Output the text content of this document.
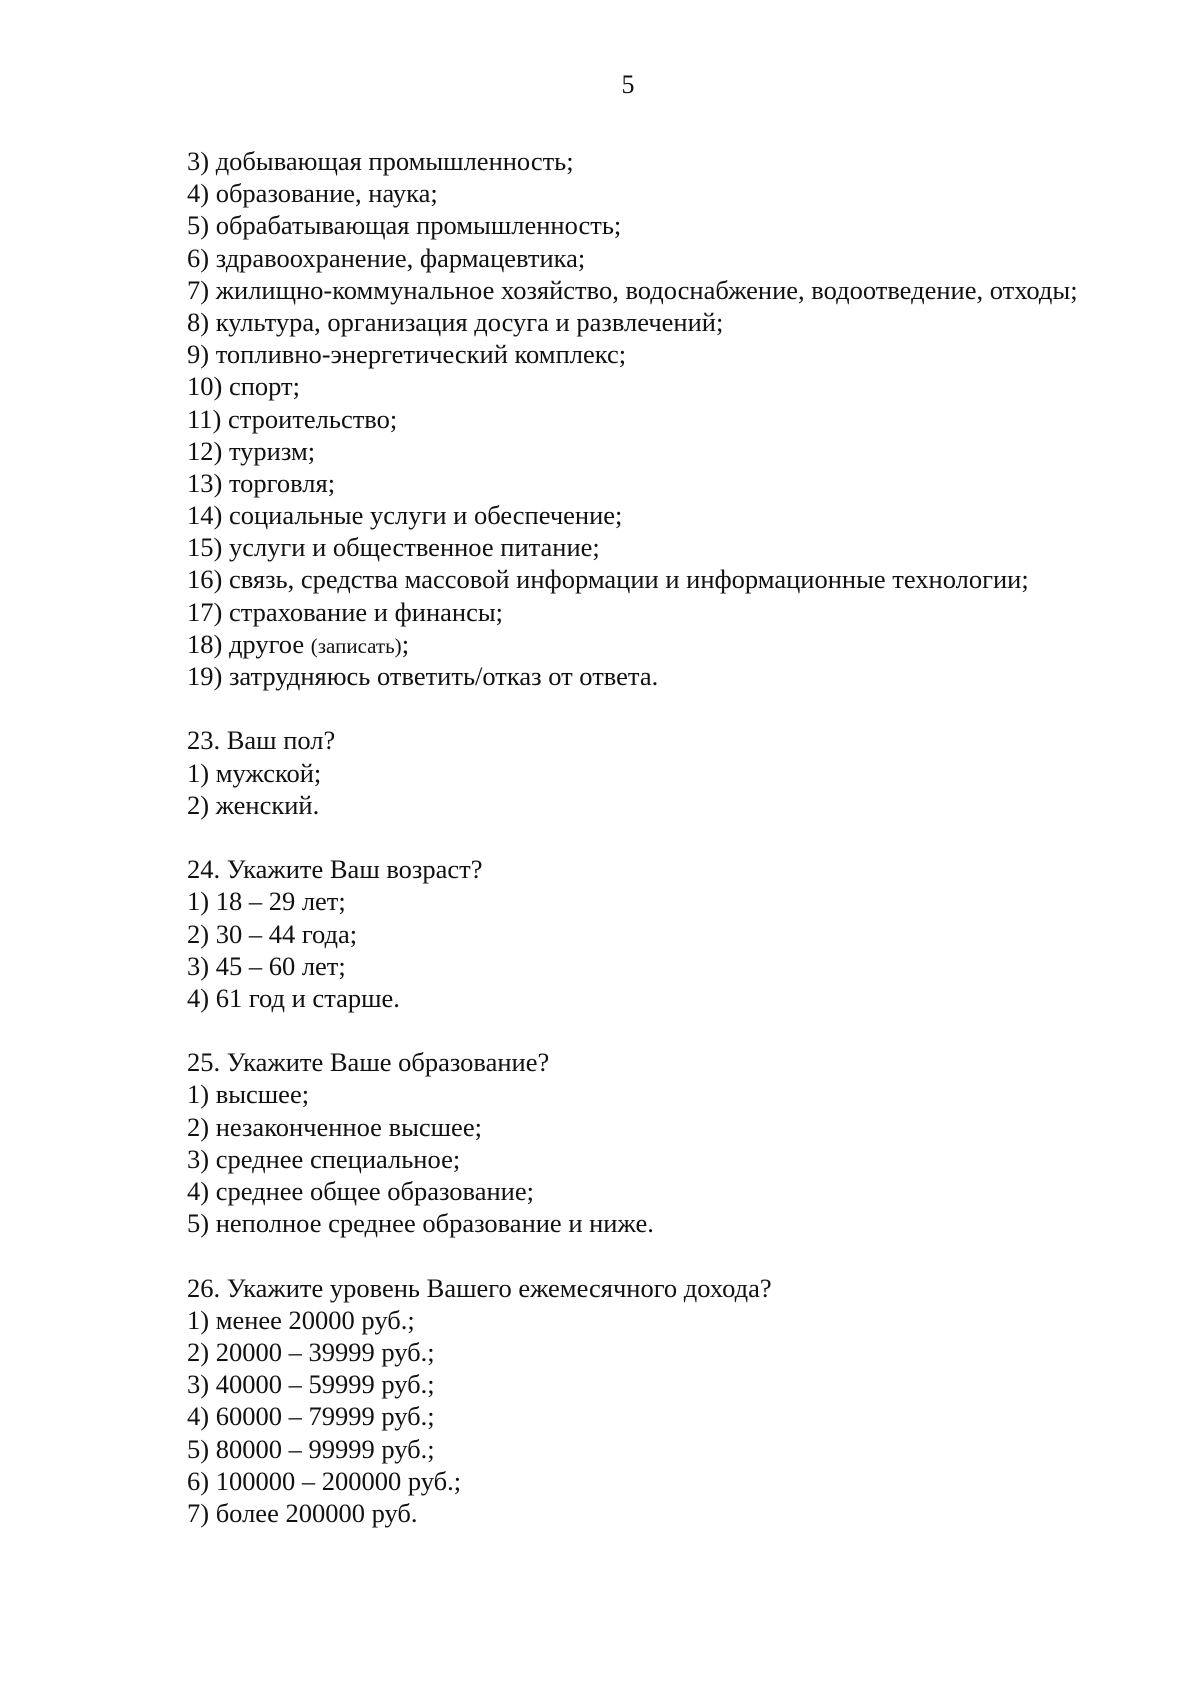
5
3) добывающая промышленность;
4) образование, наука;
5) обрабатывающая промышленность;
6) здравоохранение, фармацевтика;
7) жилищно-коммунальное хозяйство, водоснабжение, водоотведение, отходы;
8) культура, организация досуга и развлечений;
9) топливно-энергетический комплекс;
10) спорт;
11) строительство;
12) туризм;
13) торговля;
14) социальные услуги и обеспечение;
15) услуги и общественное питание;
16) связь, средства массовой информации и информационные технологии;
17) страхование и финансы;
18) другое (записать);
19) затрудняюсь ответить/отказ от ответа.
23. Ваш пол?
1) мужской;
2) женский.
24. Укажите Ваш возраст?
1) 18 – 29 лет;
2) 30 – 44 года;
3) 45 – 60 лет;
4) 61 год и старше.
25. Укажите Ваше образование?
1) высшее;
2) незаконченное высшее;
3) среднее специальное;
4) среднее общее образование;
5) неполное среднее образование и ниже.
26. Укажите уровень Вашего ежемесячного дохода?
1) менее 20000 руб.;
2) 20000 – 39999 руб.;
3) 40000 – 59999 руб.;
4) 60000 – 79999 руб.;
5) 80000 – 99999 руб.;
6) 100000 – 200000 руб.;
7) более 200000 руб.
